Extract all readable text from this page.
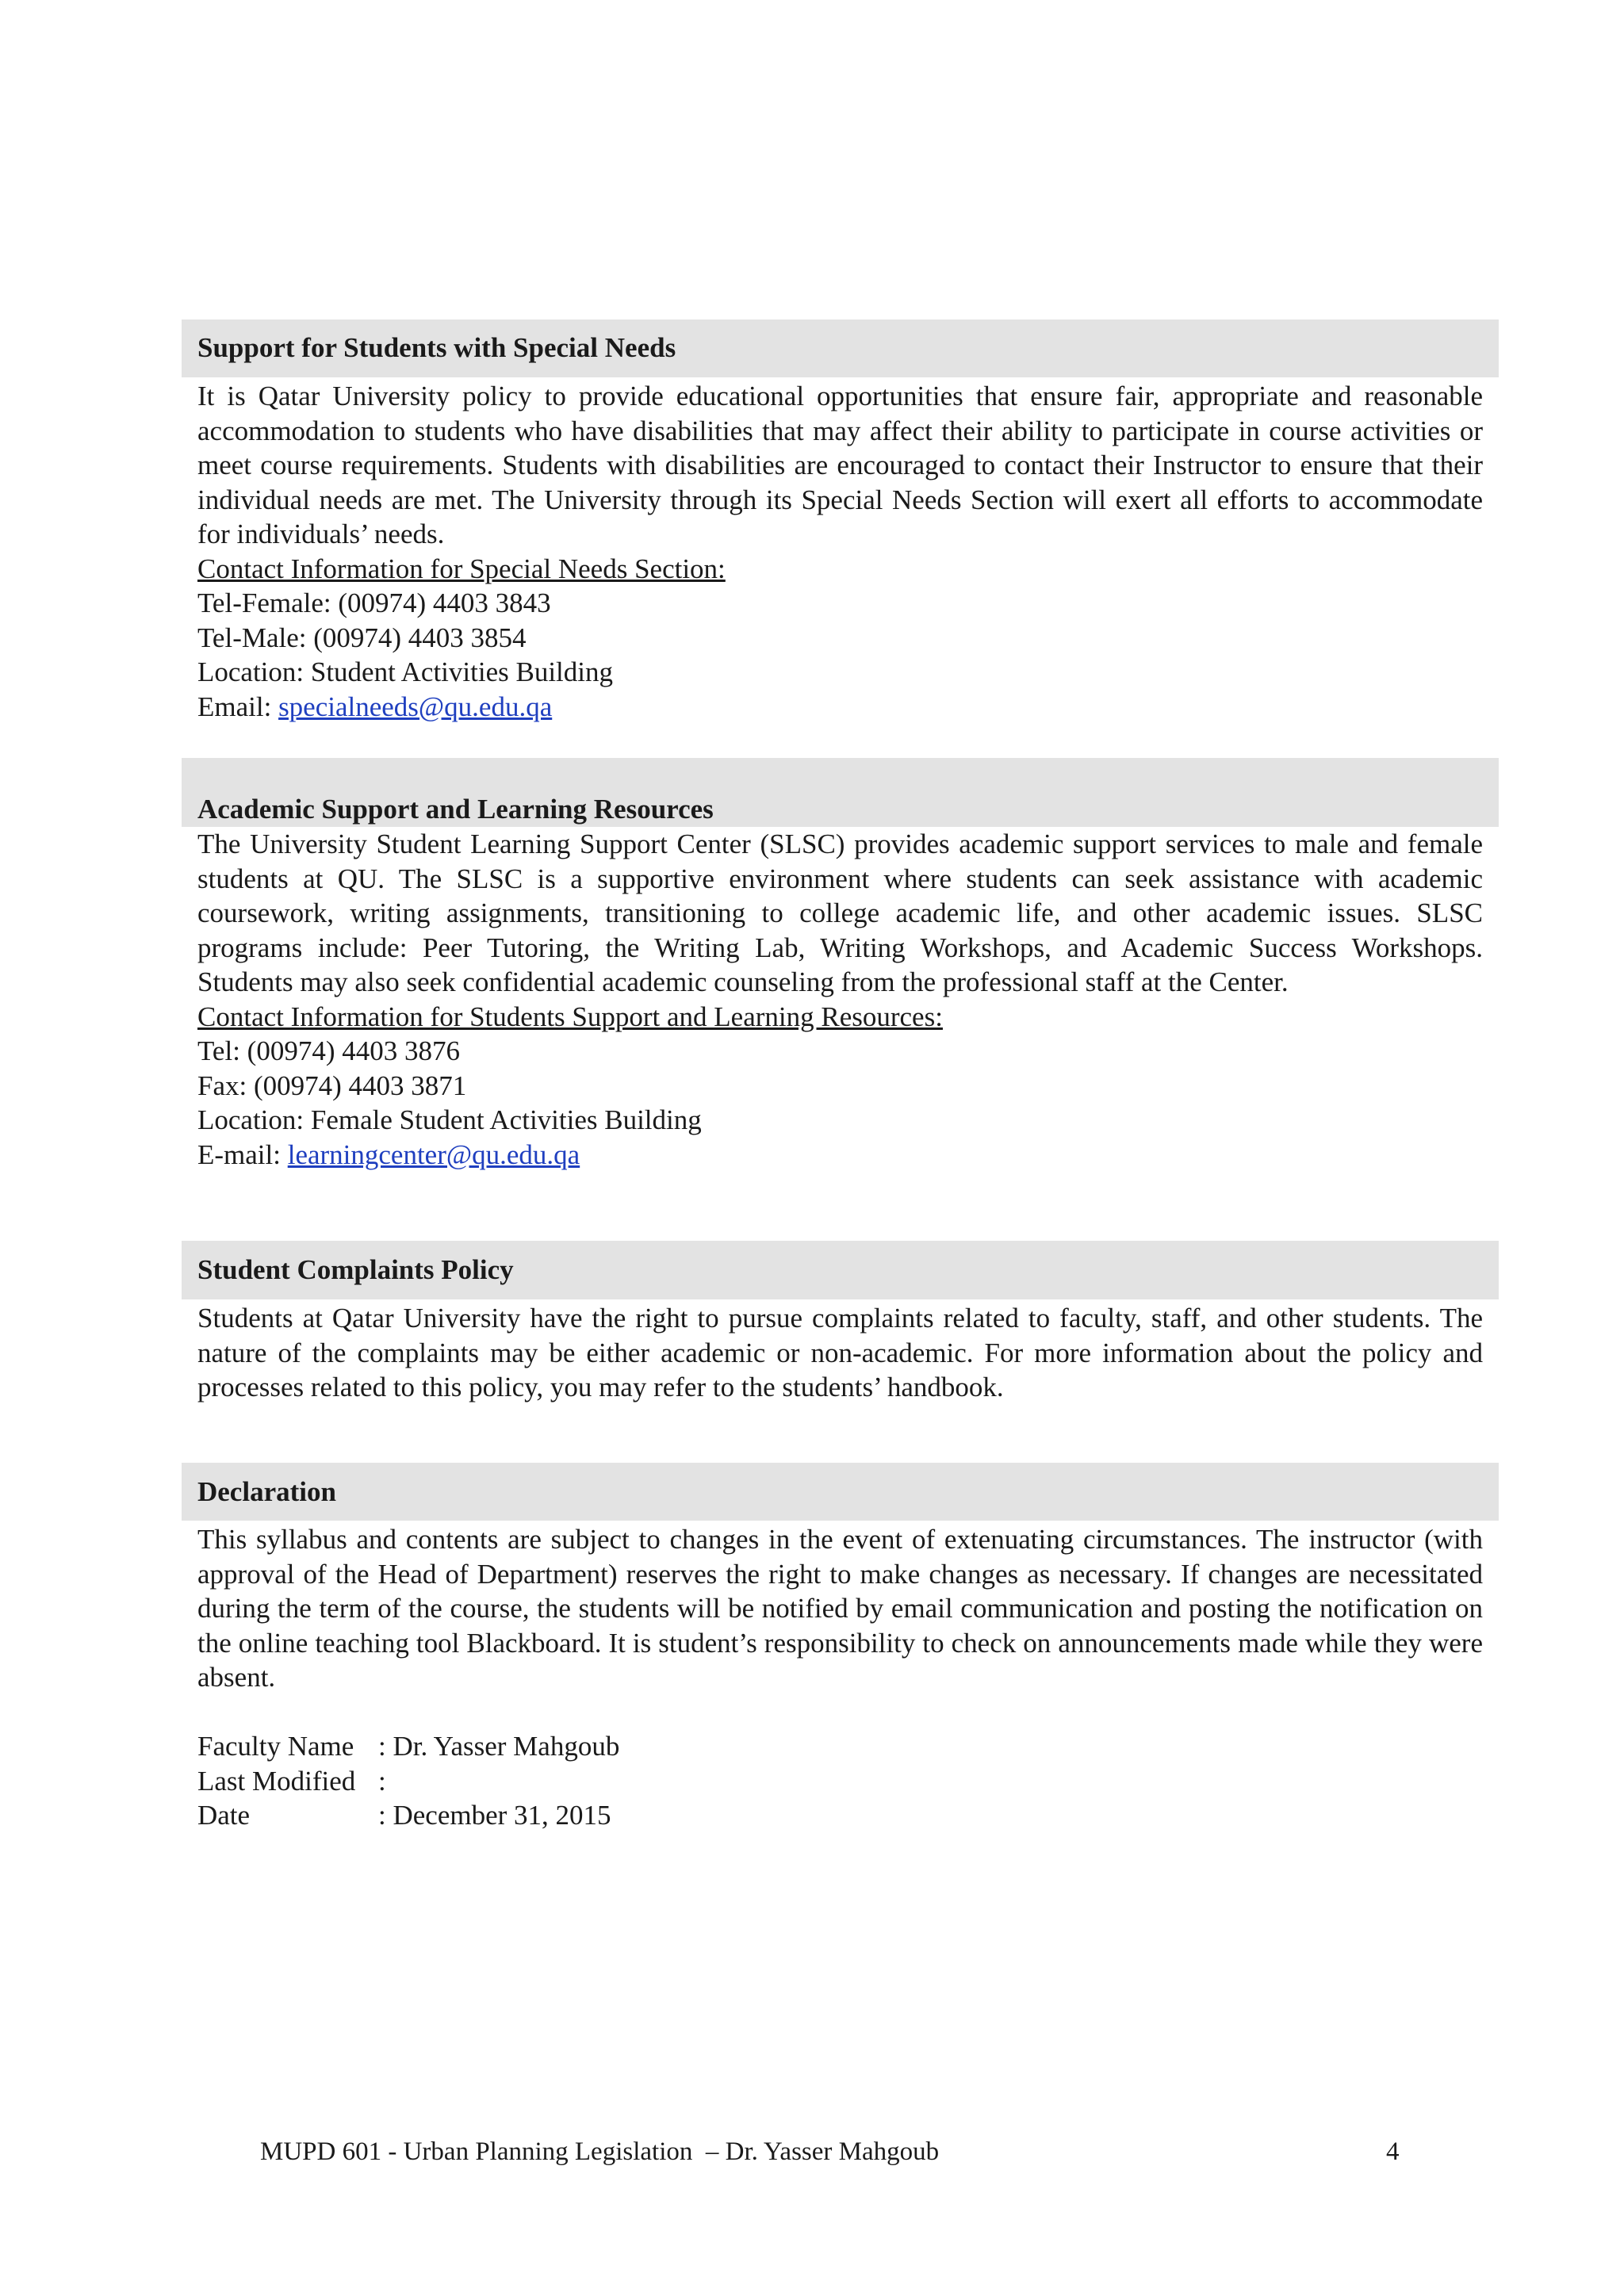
Support for Students with Special Needs

It is Qatar University policy to provide educational opportunities that ensure fair, appropriate and reasonable accommodation to students who have disabilities that may affect their ability to participate in course activities or meet course requirements. Students with disabilities are encouraged to contact their Instructor to ensure that their individual needs are met. The University through its Special Needs Section will exert all efforts to accommodate for individuals’ needs.

Contact Information for Special Needs Section:
Tel-Female: (00974) 4403 3843
Tel-Male: (00974) 4403 3854
Location: Student Activities Building
Email: specialneeds@qu.edu.qa
Academic Support and Learning Resources

The University Student Learning Support Center (SLSC) provides academic support services to male and female students at QU. The SLSC is a supportive environment where students can seek assistance with academic coursework, writing assignments, transitioning to college academic life, and other academic issues. SLSC programs include: Peer Tutoring, the Writing Lab, Writing Workshops, and Academic Success Workshops. Students may also seek confidential academic counseling from the professional staff at the Center.

Contact Information for Students Support and Learning Resources:
Tel: (00974) 4403 3876
Fax: (00974) 4403 3871
Location: Female Student Activities Building
E-mail: learningcenter@qu.edu.qa
Student Complaints Policy

Students at Qatar University have the right to pursue complaints related to faculty, staff, and other students. The nature of the complaints may be either academic or non-academic. For more information about the policy and processes related to this policy, you may refer to the students’ handbook.

Declaration

This syllabus and contents are subject to changes in the event of extenuating circumstances. The instructor (with approval of the Head of Department) reserves the right to make changes as necessary. If changes are necessitated during the term of the course, the students will be notified by email communication and posting the notification on the online teaching tool Blackboard. It is student’s responsibility to check on announcements made while they were absent.

Faculty Name : Dr. Yasser Mahgoub
Last Modified :
Date	: December 31, 2015
MUPD 601 - Urban Planning Legislation  – Dr. Yasser Mahgoub	4
